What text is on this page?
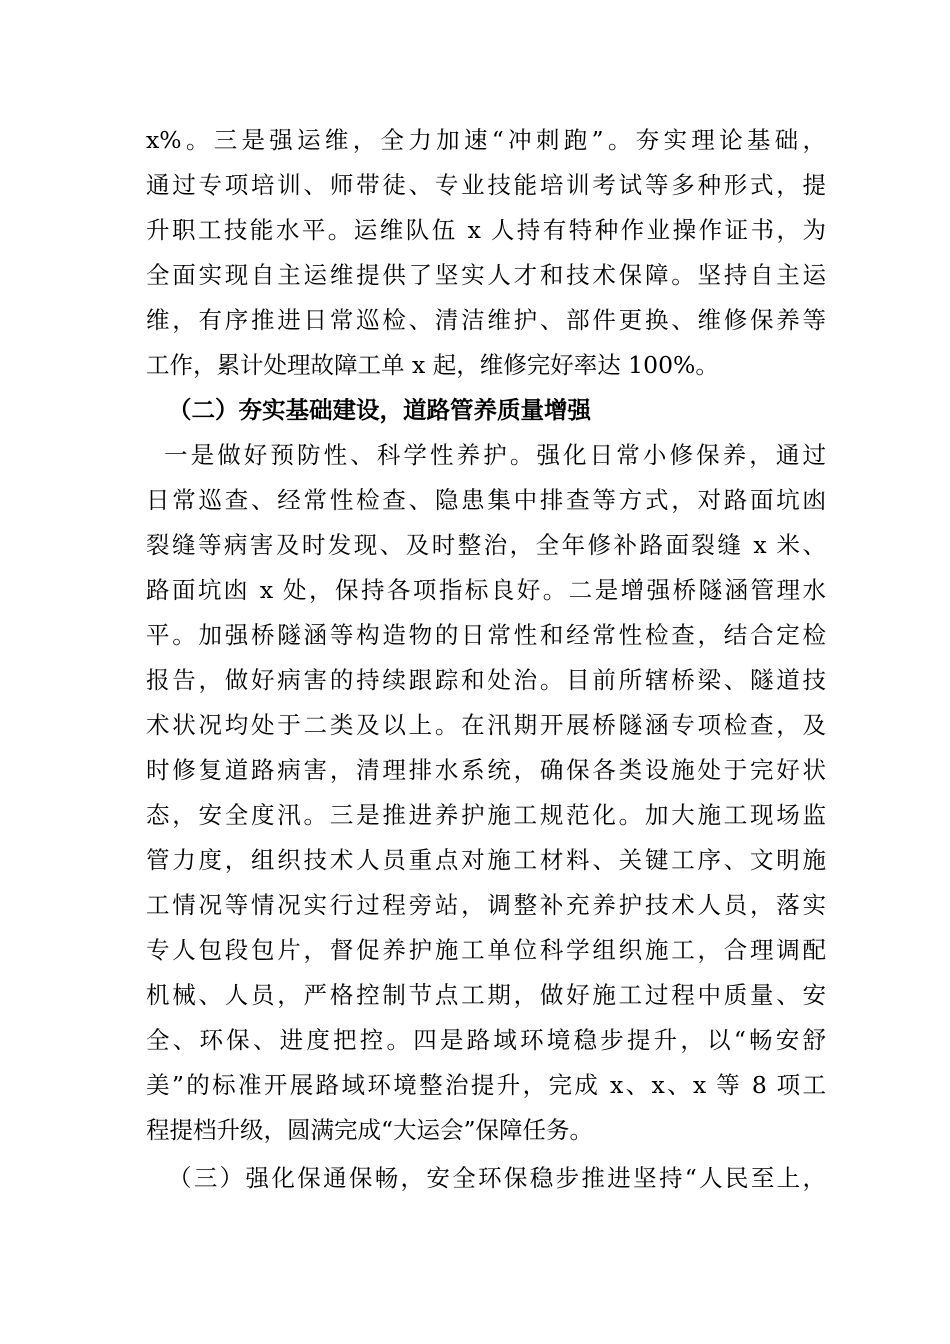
x%。三是强运维，全力加速“冲刺跑”。夯实理论基础，
通过专项培训、师带徒、专业技能培训考试等多种形式，提
升职工技能水平。运维队伍 x 人持有特种作业操作证书，为
全面实现自主运维提供了坚实人才和技术保障。坚持自主运
维，有序推进日常巡检、清洁维护、部件更换、维修保养等
工作，累计处理故障工单 x 起，维修完好率达 100%。
（二）夯实基础建设，道路管养质量增强
一是做好预防性、科学性养护。强化日常小修保养，通过
日常巡查、经常性检查、隐患集中排查等方式，对路面坑凼
裂缝等病害及时发现、及时整治，全年修补路面裂缝 x 米、
路面坑凼 x 处，保持各项指标良好。二是增强桥隧涵管理水
平。加强桥隧涵等构造物的日常性和经常性检查，结合定检
报告，做好病害的持续跟踪和处治。目前所辖桥梁、隧道技
术状况均处于二类及以上。在汛期开展桥隧涵专项检查，及
时修复道路病害，清理排水系统，确保各类设施处于完好状
态，安全度汛。三是推进养护施工规范化。加大施工现场监
管力度，组织技术人员重点对施工材料、关键工序、文明施
工情况等情况实行过程旁站，调整补充养护技术人员，落实
专人包段包片，督促养护施工单位科学组织施工，合理调配
机械、人员，严格控制节点工期，做好施工过程中质量、安
全、环保、进度把控。四是路域环境稳步提升，以“畅安舒
美”的标准开展路域环境整治提升，完成 x、x、x 等 8 项工
程提档升级，圆满完成“大运会”保障任务。
（三）强化保通保畅，安全环保稳步推进坚持“人民至上，
